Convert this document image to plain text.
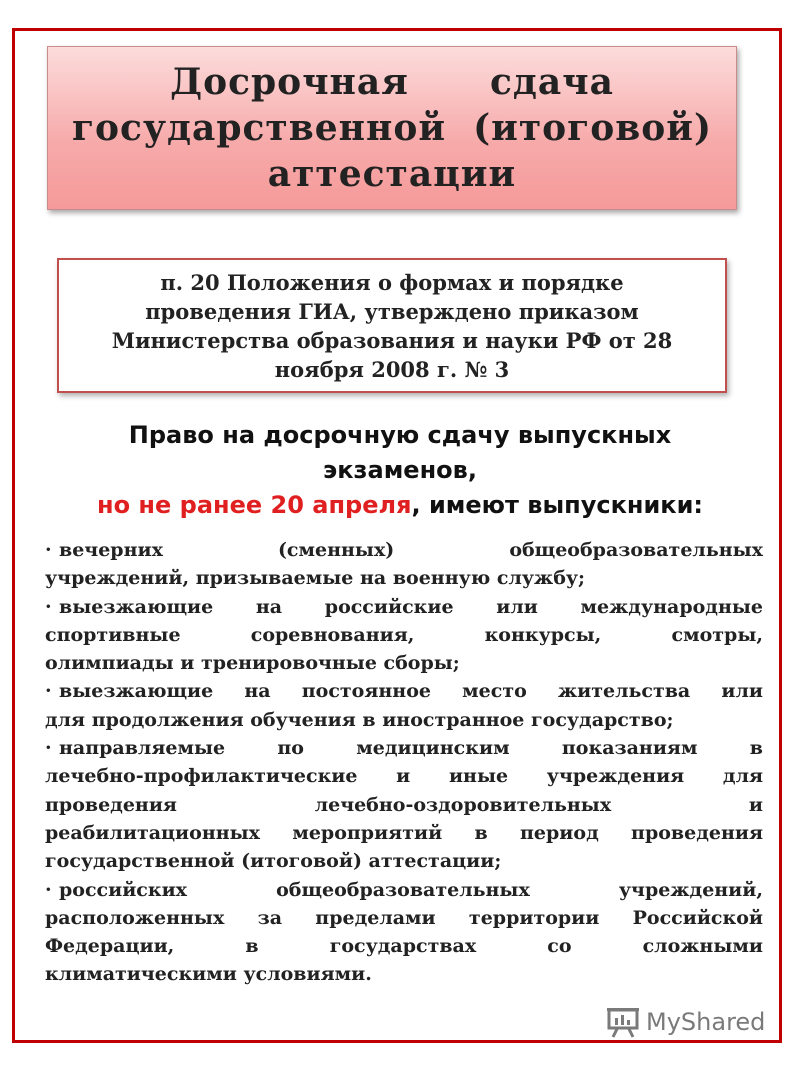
Досрочная      сдача
государственной  (итоговой)
аттестации
п. 20 Положения о формах и порядке
проведения ГИА, утверждено приказом
Министерства образования и науки РФ от 28
ноября 2008 г. № 3
Право на досрочную сдачу выпускных
экзаменов,
но не ранее 20 апреля, имеют выпускники:

· вечерних (сменных) общеобразовательных
учреждений, призываемые на военную службу;

· выезжающие на российские или международные
спортивные соревнования, конкурсы, смотры,
олимпиады и тренировочные сборы;

· выезжающие на постоянное место жительства или
для продолжения обучения в иностранное государство;

· направляемые по медицинским показаниям в
лечебно-профилактические и иные учреждения для
проведения лечебно-оздоровительных и
реабилитационных мероприятий в период проведения
государственной (итоговой) аттестации;

· российских общеобразовательных учреждений,
расположенных за пределами территории Российской
Федерации, в государствах со сложными
климатическими условиями.

MyShared
